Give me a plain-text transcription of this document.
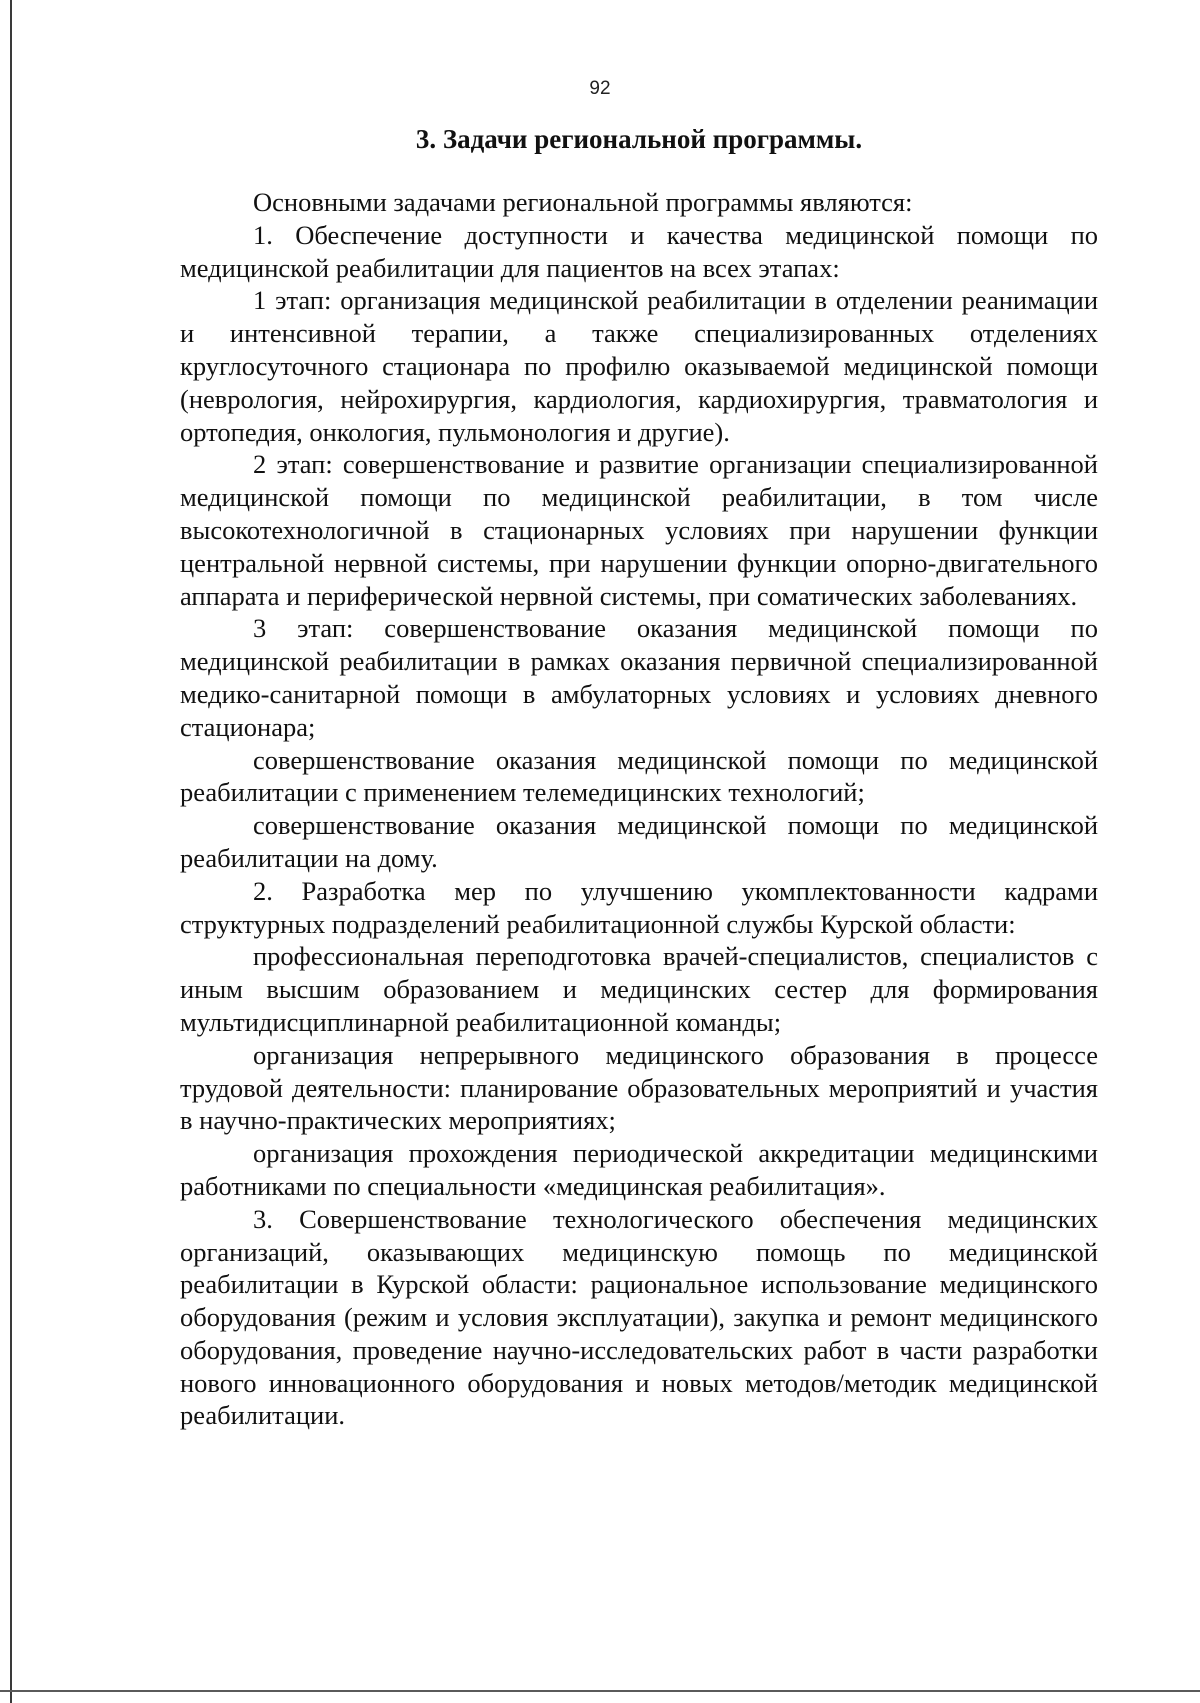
92
3. Задачи региональной программы.

Основными задачами региональной программы являются:

1. Обеспечение доступности и качества медицинской помощи по медицинской реабилитации для пациентов на всех этапах:

1 этап: организация медицинской реабилитации в отделении реанимации и интенсивной терапии, а также специализированных отделениях круглосуточного стационара по профилю оказываемой медицинской помощи (неврология, нейрохирургия, кардиология, кардиохирургия, травматология и ортопедия, онкология, пульмонология и другие).

2 этап: совершенствование и развитие организации специализированной медицинской помощи по медицинской реабилитации, в том числе высокотехнологичной в стационарных условиях при нарушении функции центральной нервной системы, при нарушении функции опорно-двигательного аппарата и периферической нервной системы, при соматических заболеваниях.

3 этап: совершенствование оказания медицинской помощи по медицинской реабилитации в рамках оказания первичной специализированной медико-санитарной помощи в амбулаторных условиях и условиях дневного стационара;

совершенствование оказания медицинской помощи по медицинской реабилитации с применением телемедицинских технологий;

совершенствование оказания медицинской помощи по медицинской реабилитации на дому.

2. Разработка мер по улучшению укомплектованности кадрами структурных подразделений реабилитационной службы Курской области:

профессиональная переподготовка врачей-специалистов, специалистов с иным высшим образованием и медицинских сестер для формирования мультидисциплинарной реабилитационной команды;

организация непрерывного медицинского образования в процессе трудовой деятельности: планирование образовательных мероприятий и участия в научно-практических мероприятиях;

организация прохождения периодической аккредитации медицинскими работниками по специальности «медицинская реабилитация».

3. Совершенствование технологического обеспечения медицинских организаций, оказывающих медицинскую помощь по медицинской реабилитации в Курской области: рациональное использование медицинского оборудования (режим и условия эксплуатации), закупка и ремонт медицинского оборудования, проведение научно-исследовательских работ в части разработки нового инновационного оборудования и новых методов/методик медицинской реабилитации.
